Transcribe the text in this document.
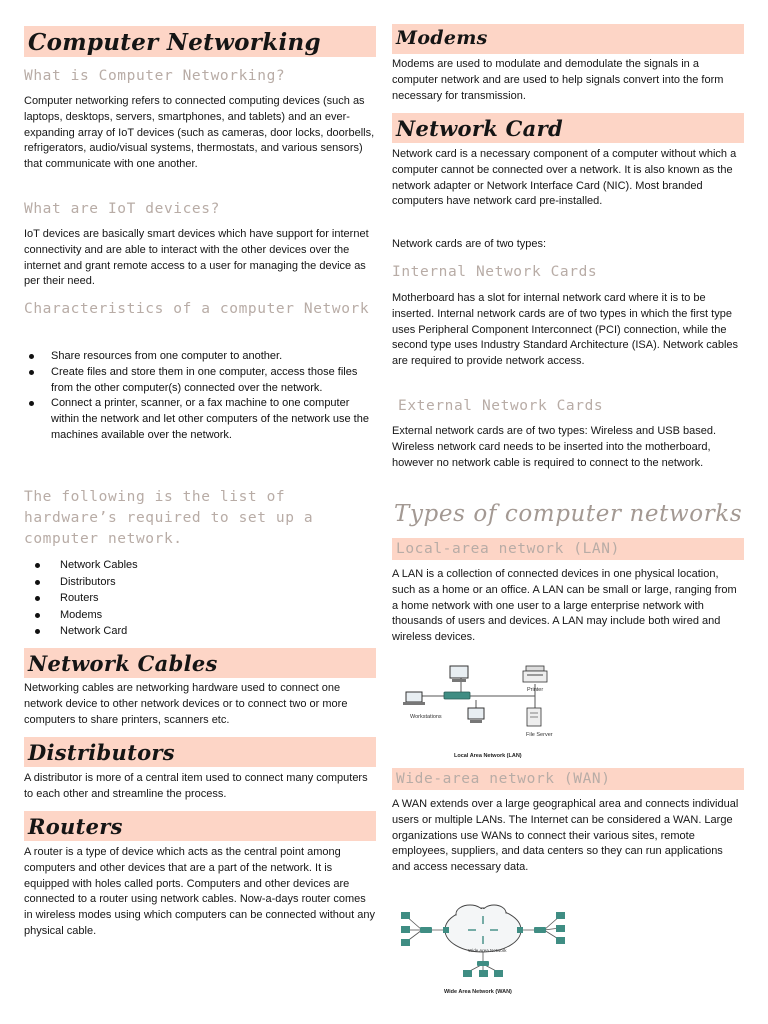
Computer Networking
What is Computer Networking?
Computer networking refers to connected computing devices (such as laptops, desktops, servers, smartphones, and tablets) and an ever-expanding array of IoT devices (such as cameras, door locks, doorbells, refrigerators, audio/visual systems, thermostats, and various sensors) that communicate with one another.
What are IoT devices?
IoT devices are basically smart devices which have support for internet connectivity and are able to interact with the other devices over the internet and grant remote access to a user for managing the device as per their need.
Characteristics of a computer Network
Share resources from one computer to another.
Create files and store them in one computer, access those files from the other computer(s) connected over the network.
Connect a printer, scanner, or a fax machine to one computer within the network and let other computers of the network use the machines available over the network.
The following is the list of hardware’s required to set up a computer network.
Network Cables
Distributors
Routers
Modems
Network Card
Network Cables
Networking cables are networking hardware used to connect one network device to other network devices or to connect two or more computers to share printers, scanners etc.
Distributors
A distributor is more of a central item used to connect many computers to each other and streamline the process.
Routers
A router is a type of device which acts as the central point among computers and other devices that are a part of the network. It is equipped with holes called ports. Computers and other devices are connected to a router using network cables. Now-a-days router comes in wireless modes using which computers can be connected without any physical cable.
Modems
Modems are used to modulate and demodulate the signals in a computer network and are used to help signals convert into the form necessary for transmission.
Network Card
Network card is a necessary component of a computer without which a computer cannot be connected over a network. It is also known as the network adapter or Network Interface Card (NIC). Most branded computers have network card pre-installed.
Network cards are of two types:
Internal Network Cards
Motherboard has a slot for internal network card where it is to be inserted. Internal network cards are of two types in which the first type uses Peripheral Component Interconnect (PCI) connection, while the second type uses Industry Standard Architecture (ISA). Network cables are required to provide network access.
External Network Cards
External network cards are of two types: Wireless and USB based. Wireless network card needs to be inserted into the motherboard, however no network cable is required to connect to the network.
Types of computer networks
Local-area network (LAN)
A LAN is a collection of connected devices in one physical location, such as a home or an office. A LAN can be small or large, ranging from a home network with one user to a large enterprise network with thousands of users and devices. A LAN may include both wired and wireless devices.
Printer
File Server
Workstations
Local Area Network (LAN)
Wide-area network (WAN)
A WAN extends over a large geographical area and connects individual users or multiple LANs. The Internet can be considered a WAN. Large organizations use WANs to connect their various sites, remote employees, suppliers, and data centers so they can run applications and access necessary data.
Wide Area Network
Wide Area Network (WAN)
